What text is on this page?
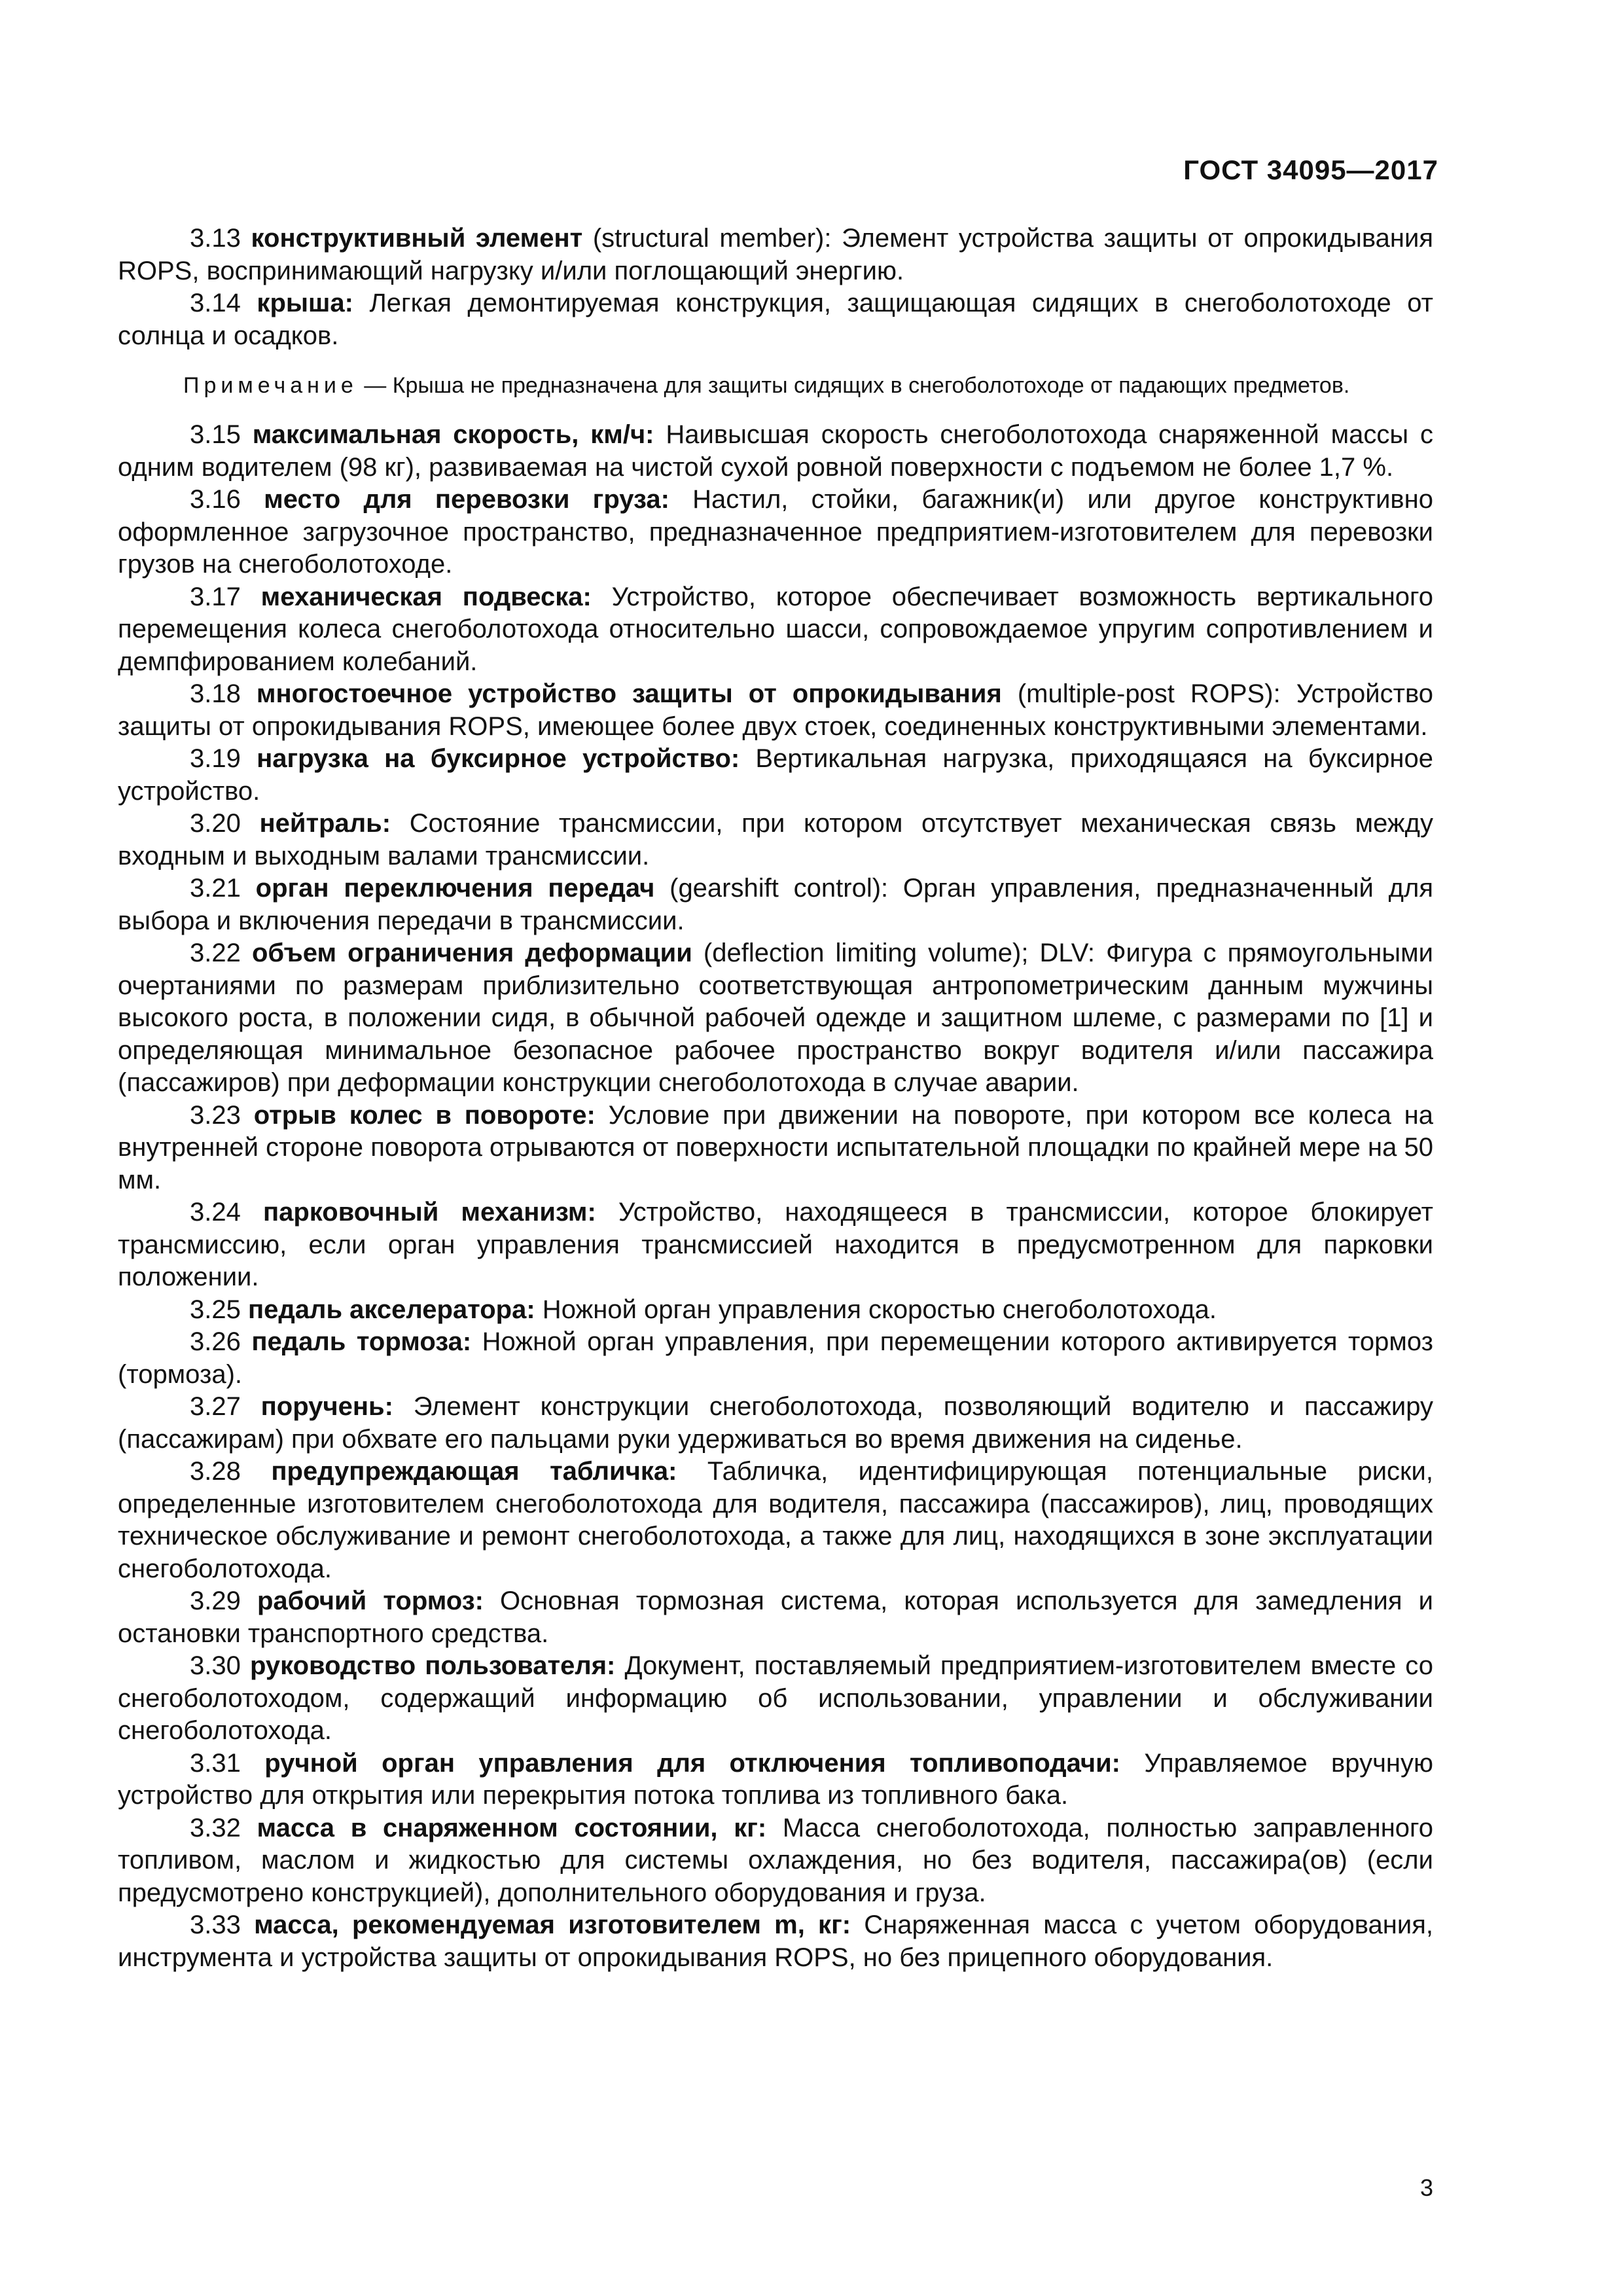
ГОСТ 34095—2017

3.13 конструктивный элемент (structural member): Элемент устройства защиты от опрокидывания ROPS, воспринимающий нагрузку и/или поглощающий энергию.

3.14 крыша: Легкая демонтируемая конструкция, защищающая сидящих в снегоболотоходе от солнца и осадков.

Примечание — Крыша не предназначена для защиты сидящих в снегоболотоходе от падающих предметов.

3.15 максимальная скорость, км/ч: Наивысшая скорость снегоболотохода снаряженной массы с одним водителем (98 кг), развиваемая на чистой сухой ровной поверхности с подъемом не более 1,7 %.

3.16 место для перевозки груза: Настил, стойки, багажник(и) или другое конструктивно оформленное загрузочное пространство, предназначенное предприятием-изготовителем для перевозки грузов на снегоболотоходе.

3.17 механическая подвеска: Устройство, которое обеспечивает возможность вертикального перемещения колеса снегоболотохода относительно шасси, сопровождаемое упругим сопротивлением и демпфированием колебаний.

3.18 многостоечное устройство защиты от опрокидывания (multiple-post ROPS): Устройство защиты от опрокидывания ROPS, имеющее более двух стоек, соединенных конструктивными элементами.

3.19 нагрузка на буксирное устройство: Вертикальная нагрузка, приходящаяся на буксирное устройство.

3.20 нейтраль: Состояние трансмиссии, при котором отсутствует механическая связь между входным и выходным валами трансмиссии.

3.21 орган переключения передач (gearshift control): Орган управления, предназначенный для выбора и включения передачи в трансмиссии.

3.22 объем ограничения деформации (deflection limiting volume); DLV: Фигура с прямоугольными очертаниями по размерам приблизительно соответствующая антропометрическим данным мужчины высокого роста, в положении сидя, в обычной рабочей одежде и защитном шлеме, с размерами по [1] и определяющая минимальное безопасное рабочее пространство вокруг водителя и/или пассажира (пассажиров) при деформации конструкции снегоболотохода в случае аварии.

3.23 отрыв колес в повороте: Условие при движении на повороте, при котором все колеса на внутренней стороне поворота отрываются от поверхности испытательной площадки по крайней мере на 50 мм.

3.24 парковочный механизм: Устройство, находящееся в трансмиссии, которое блокирует трансмиссию, если орган управления трансмиссией находится в предусмотренном для парковки положении.

3.25 педаль акселератора: Ножной орган управления скоростью снегоболотохода.

3.26 педаль тормоза: Ножной орган управления, при перемещении которого активируется тормоз (тормоза).

3.27 поручень: Элемент конструкции снегоболотохода, позволяющий водителю и пассажиру (пассажирам) при обхвате его пальцами руки удерживаться во время движения на сиденье.

3.28 предупреждающая табличка: Табличка, идентифицирующая потенциальные риски, определенные изготовителем снегоболотохода для водителя, пассажира (пассажиров), лиц, проводящих техническое обслуживание и ремонт снегоболотохода, а также для лиц, находящихся в зоне эксплуатации снегоболотохода.

3.29 рабочий тормоз: Основная тормозная система, которая используется для замедления и остановки транспортного средства.

3.30 руководство пользователя: Документ, поставляемый предприятием-изготовителем вместе со снегоболотоходом, содержащий информацию об использовании, управлении и обслуживании снегоболотохода.

3.31 ручной орган управления для отключения топливоподачи: Управляемое вручную устройство для открытия или перекрытия потока топлива из топливного бака.

3.32 масса в снаряженном состоянии, кг: Масса снегоболотохода, полностью заправленного топливом, маслом и жидкостью для системы охлаждения, но без водителя, пассажира(ов) (если предусмотрено конструкцией), дополнительного оборудования и груза.

3.33 масса, рекомендуемая изготовителем m, кг: Снаряженная масса с учетом оборудования, инструмента и устройства защиты от опрокидывания ROPS, но без прицепного оборудования.

3
